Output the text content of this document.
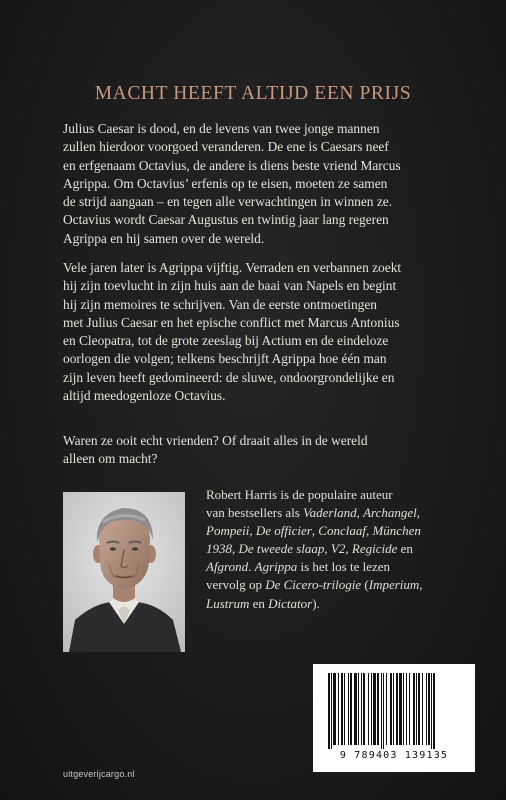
MACHT HEEFT ALTIJD EEN PRIJS

Julius Caesar is dood, en de levens van twee jonge mannen
zullen hierdoor voorgoed veranderen. De ene is Caesars neef
en erfgenaam Octavius, de andere is diens beste vriend Marcus
Agrippa. Om Octavius’ erfenis op te eisen, moeten ze samen
de strijd aangaan – en tegen alle verwachtingen in winnen ze.
Octavius wordt Caesar Augustus en twintig jaar lang regeren
Agrippa en hij samen over de wereld.

Vele jaren later is Agrippa vijftig. Verraden en verbannen zoekt
hij zijn toevlucht in zijn huis aan de baai van Napels en begint
hij zijn memoires te schrijven. Van de eerste ontmoetingen
met Julius Caesar en het epische conflict met Marcus Antonius
en Cleopatra, tot de grote zeeslag bij Actium en de eindeloze
oorlogen die volgen; telkens beschrijft Agrippa hoe één man
zijn leven heeft gedomineerd: de sluwe, ondoorgrondelijke en
altijd meedogenloze Octavius.

Waren ze ooit echt vrienden? Of draait alles in de wereld
alleen om macht?

Robert Harris is de populaire auteur
van bestsellers als Vaderland, Archangel,
Pompeii, De officier, Conclaaf, München
1938, De tweede slaap, V2, Regicide en
Afgrond. Agrippa is het los te lezen
vervolg op De Cicero-trilogie (Imperium,
Lustrum en Dictator).

9 789403 139135
uitgeverijcargo.nl
